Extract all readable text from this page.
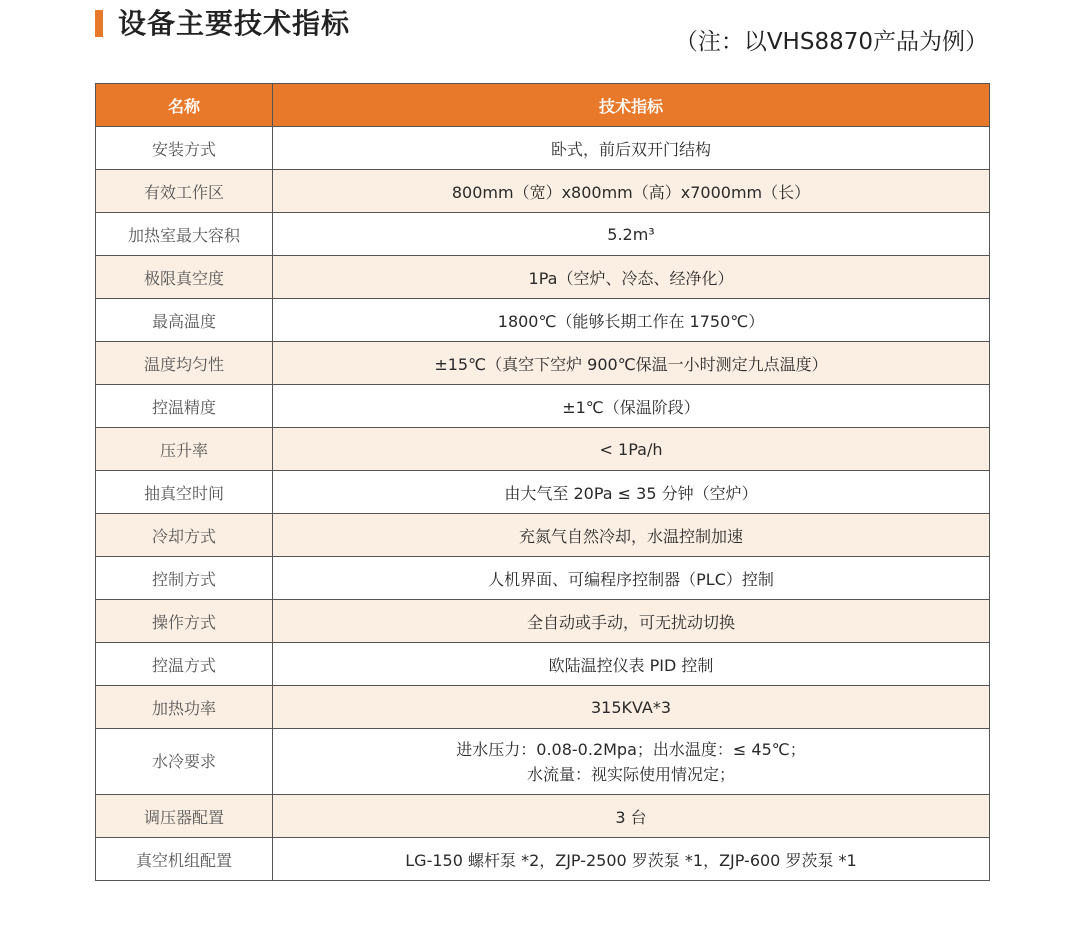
设备主要技术指标
（注：以VHS8870产品为例）
名称	技术指标
安装方式	卧式，前后双开门结构
有效工作区	800mm（宽）x800mm（高）x7000mm（长）
加热室最大容积	5.2m³
极限真空度	1Pa（空炉、冷态、经净化）
最高温度	1800℃（能够长期工作在 1750℃）
温度均匀性	±15℃（真空下空炉 900℃保温一小时测定九点温度）
控温精度	±1℃（保温阶段）
压升率	< 1Pa/h
抽真空时间	由大气至 20Pa ≤ 35 分钟（空炉）
冷却方式	充氮气自然冷却，水温控制加速
控制方式	人机界面、可编程序控制器（PLC）控制
操作方式	全自动或手动，可无扰动切换
控温方式	欧陆温控仪表 PID 控制
加热功率	315KVA*3
水冷要求	进水压力：0.08-0.2Mpa；出水温度：≤ 45℃；
水流量：视实际使用情况定；

调压器配置	3 台
真空机组配置	LG-150 螺杆泵 *2，ZJP-2500 罗茨泵 *1，ZJP-600 罗茨泵 *1
